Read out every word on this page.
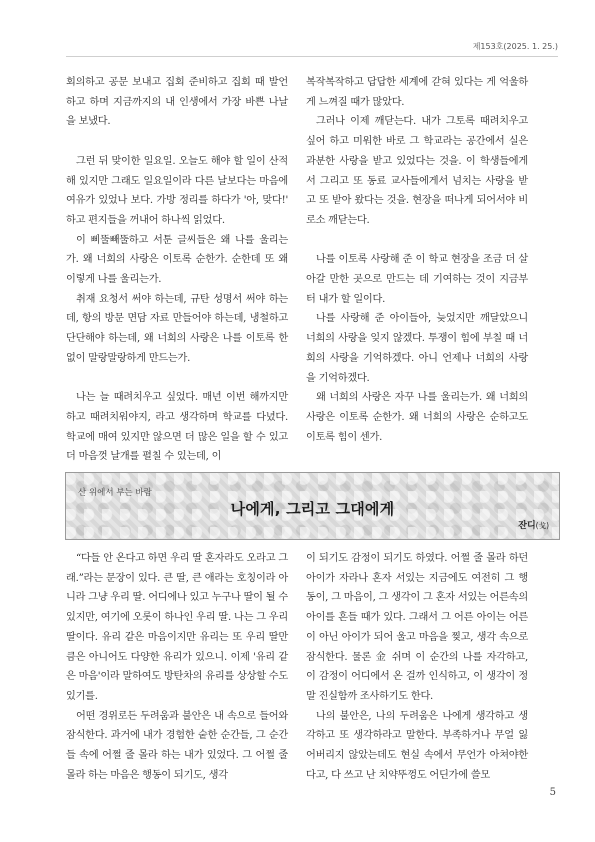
제153호(2025. 1. 25.)

회의하고 공문 보내고 집회 준비하고 집회 때 발언하고 하며 지금까지의 내 인생에서 가장 바쁜 나날을 보냈다.

그런 뒤 맞이한 일요일. 오늘도 해야 할 일이 산적해 있지만 그래도 일요일이라 다른 날보다는 마음에 여유가 있었나 보다. 가방 정리를 하다가 '아, 맞다!' 하고 편지들을 꺼내어 하나씩 읽었다.

이 삐뚤빼뚤하고 서툰 글씨들은 왜 나를 울리는가. 왜 너희의 사랑은 이토록 순한가. 순한데 또 왜 이렇게 나를 울리는가.

취재 요청서 써야 하는데, 규탄 성명서 써야 하는데, 항의 방문 면담 자료 만들어야 하는데, 냉철하고 단단해야 하는데, 왜 너희의 사랑은 나를 이토록 한없이 말랑말랑하게 만드는가.

나는 늘 때려치우고 싶었다. 매년 이번 해까지만 하고 때려치워야지, 라고 생각하며 학교를 다녔다. 학교에 매여 있지만 않으면 더 많은 일을 할 수 있고 더 마음껏 날개를 펼칠 수 있는데, 이

복작복작하고 답답한 세계에 갇혀 있다는 게 억울하게 느껴질 때가 많았다.

그러나 이제 깨닫는다. 내가 그토록 때려치우고 싶어 하고 미워한 바로 그 학교라는 공간에서 실은 과분한 사랑을 받고 있었다는 것을. 이 학생들에게서 그리고 또 동료 교사들에게서 넘치는 사랑을 받고 또 받아 왔다는 것을. 현장을 떠나게 되어서야 비로소 깨닫는다.

나를 이토록 사랑해 준 이 학교 현장을 조금 더 살아갈 만한 곳으로 만드는 데 기여하는 것이 지금부터 내가 할 일이다.

나를 사랑해 준 아이들아, 늦었지만 깨달았으니 너희의 사랑을 잊지 않겠다. 투쟁이 힘에 부칠 때 너희의 사랑을 기억하겠다. 아니 언제나 너희의 사랑을 기억하겠다.

왜 너희의 사랑은 자꾸 나를 울리는가. 왜 너희의 사랑은 이토록 순한가. 왜 너희의 사랑은 순하고도 이토록 힘이 센가.

산 위에서 부는 바람
나에게, 그리고 그대에게
잔디(戈)

“다들 안 온다고 하면 우리 딸 혼자라도 오라고 그래.”라는 문장이 있다. 큰 딸, 큰 애라는 호칭이라 아니라 그냥 우리 딸. 어디에나 있고 누구나 딸이 될 수 있지만, 여기에 오롯이 하나인 우리 딸. 나는 그 우리 딸이다. 유리 같은 마음이지만 유리는 또 우리 딸만큼은 아니어도 다양한 유리가 있으니. 이제 '유리 같은 마음'이라 말하여도 방탄차의 유리를 상상할 수도 있기를.

어떤 경위로든 두려움과 불안은 내 속으로 들어와 잠식한다. 과거에 내가 경험한 숱한 순간들, 그 순간들 속에 어쩔 줄 몰라 하는 내가 있었다. 그 어쩔 줄 몰라 하는 마음은 행동이 되기도, 생각

이 되기도 감정이 되기도 하였다. 어쩔 줄 몰라 하던 아이가 자라나 혼자 서있는 지금에도 여전히 그 행동이, 그 마음이, 그 생각이 그 혼자 서있는 어른속의 아이를 흔들 때가 있다. 그래서 그 어른 아이는 어른이 아닌 아이가 되어 울고 마음을 찢고, 생각 속으로 잠식한다. 물론 金 쉬며 이 순간의 나를 자각하고, 이 감정이 어디에서 온 걸까 인식하고, 이 생각이 정말 진실함까 조사하기도 한다.

나의 불안은, 나의 두려움은 나에게 생각하고 생각하고 또 생각하라고 말한다. 부족하거나 무얼 잃어버리지 않았는데도 현실 속에서 무언가 아쳐야한다고, 다 쓰고 난 치약뚜껑도 어딘가에 쓸모

5
